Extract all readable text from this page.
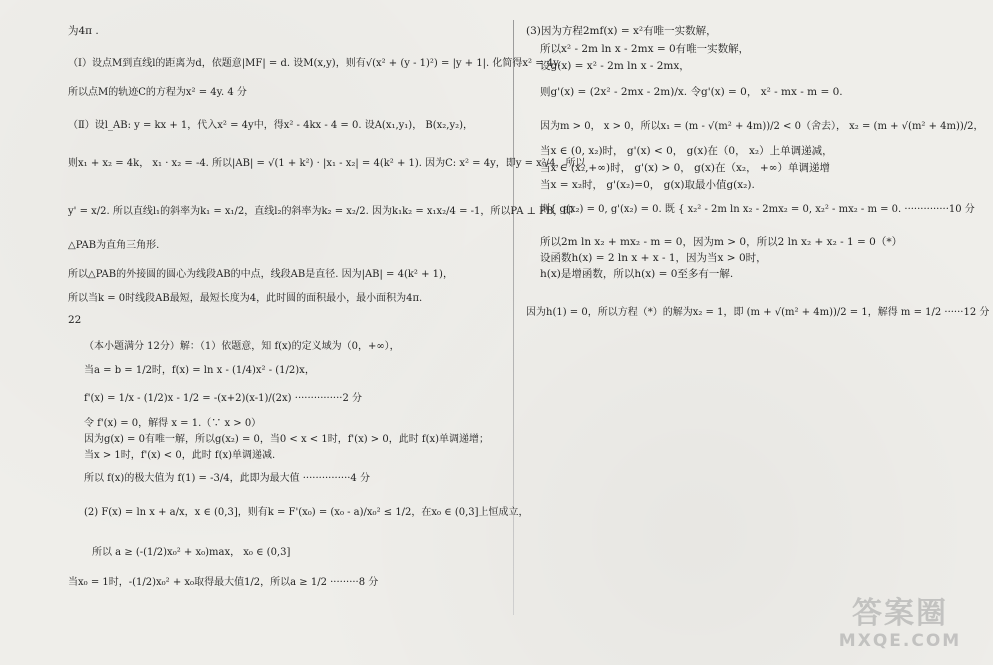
为4π .
（Ⅰ）设点M到直线l的距离为d，依题意|MF| = d. 设M(x,y)，则有√(x² + (y - 1)²) = |y + 1|. 化简得x² = 4y.
所以点M的轨迹C的方程为x² = 4y. 4 分
（Ⅱ）设l_AB: y = kx + 1，代入x² = 4y中，得x² - 4kx - 4 = 0. 设A(x₁,y₁)， B(x₂,y₂)，
则x₁ + x₂ = 4k， x₁ · x₂ = -4. 所以|AB| = √(1 + k²) · |x₁ - x₂| = 4(k² + 1). 因为C: x² = 4y，即y = x²/4，所以
y' = x/2. 所以直线l₁的斜率为k₁ = x₁/2，直线l₂的斜率为k₂ = x₂/2. 因为k₁k₂ = x₁x₂/4 = -1，所以PA ⊥ PB，即
△PAB为直角三角形.
所以△PAB的外接圆的圆心为线段AB的中点，线段AB是直径. 因为|AB| = 4(k² + 1)，
所以当k = 0时线段AB最短，最短长度为4，此时圆的面积最小，最小面积为4π.
22
（本小题满分 12分）解：（1）依题意，知 f(x)的定义域为（0，+∞），
当a = b = 1/2时，f(x) = ln x - (1/4)x² - (1/2)x，
f'(x) = 1/x - (1/2)x - 1/2 = -(x+2)(x-1)/(2x) ···············2 分
令 f'(x) = 0，解得 x = 1.（∵ x > 0）
因为g(x) = 0有唯一解，所以g(x₂) = 0，当0 < x < 1时，f'(x) > 0，此时 f(x)单调递增；
当x > 1时，f'(x) < 0，此时 f(x)单调递减.
所以 f(x)的极大值为 f(1) = -3/4，此即为最大值 ···············4 分
(2) F(x) = ln x + a/x，x ∈ (0,3]，则有k = F'(x₀) = (x₀ - a)/x₀² ≤ 1/2，在x₀ ∈ (0,3]上恒成立，
所以 a ≥ (-(1/2)x₀² + x₀)max， x₀ ∈ (0,3]
当x₀ = 1时，-(1/2)x₀² + x₀取得最大值1/2，所以a ≥ 1/2 ·········8 分
(3)因为方程2mf(x) = x²有唯一实数解，
所以x² - 2m ln x - 2mx = 0有唯一实数解，
设g(x) = x² - 2m ln x - 2mx，
则g'(x) = (2x² - 2mx - 2m)/x. 令g'(x) = 0， x² - mx - m = 0.
因为m > 0， x > 0，所以x₁ = (m - √(m² + 4m))/2 < 0（舍去）， x₂ = (m + √(m² + 4m))/2，
当x ∈ (0, x₂)时， g'(x) < 0， g(x)在（0， x₂）上单调递减，
当x ∈ (x₂,+∞)时， g'(x) > 0， g(x)在（x₂， +∞）单调递增
当x = x₂时， g'(x₂)=0， g(x)取最小值g(x₂).
则{ g(x₂) = 0, g'(x₂) = 0. 既 { x₂² - 2m ln x₂ - 2mx₂ = 0, x₂² - mx₂ - m = 0. ··············10 分
所以2m ln x₂ + mx₂ - m = 0，因为m > 0，所以2 ln x₂ + x₂ - 1 = 0（*）
设函数h(x) = 2 ln x + x - 1，因为当x > 0时，
h(x)是增函数，所以h(x) = 0至多有一解.
因为h(1) = 0，所以方程（*）的解为x₂ = 1，即 (m + √(m² + 4m))/2 = 1，解得 m = 1/2 ······12 分
答案圈
MXQE.COM
